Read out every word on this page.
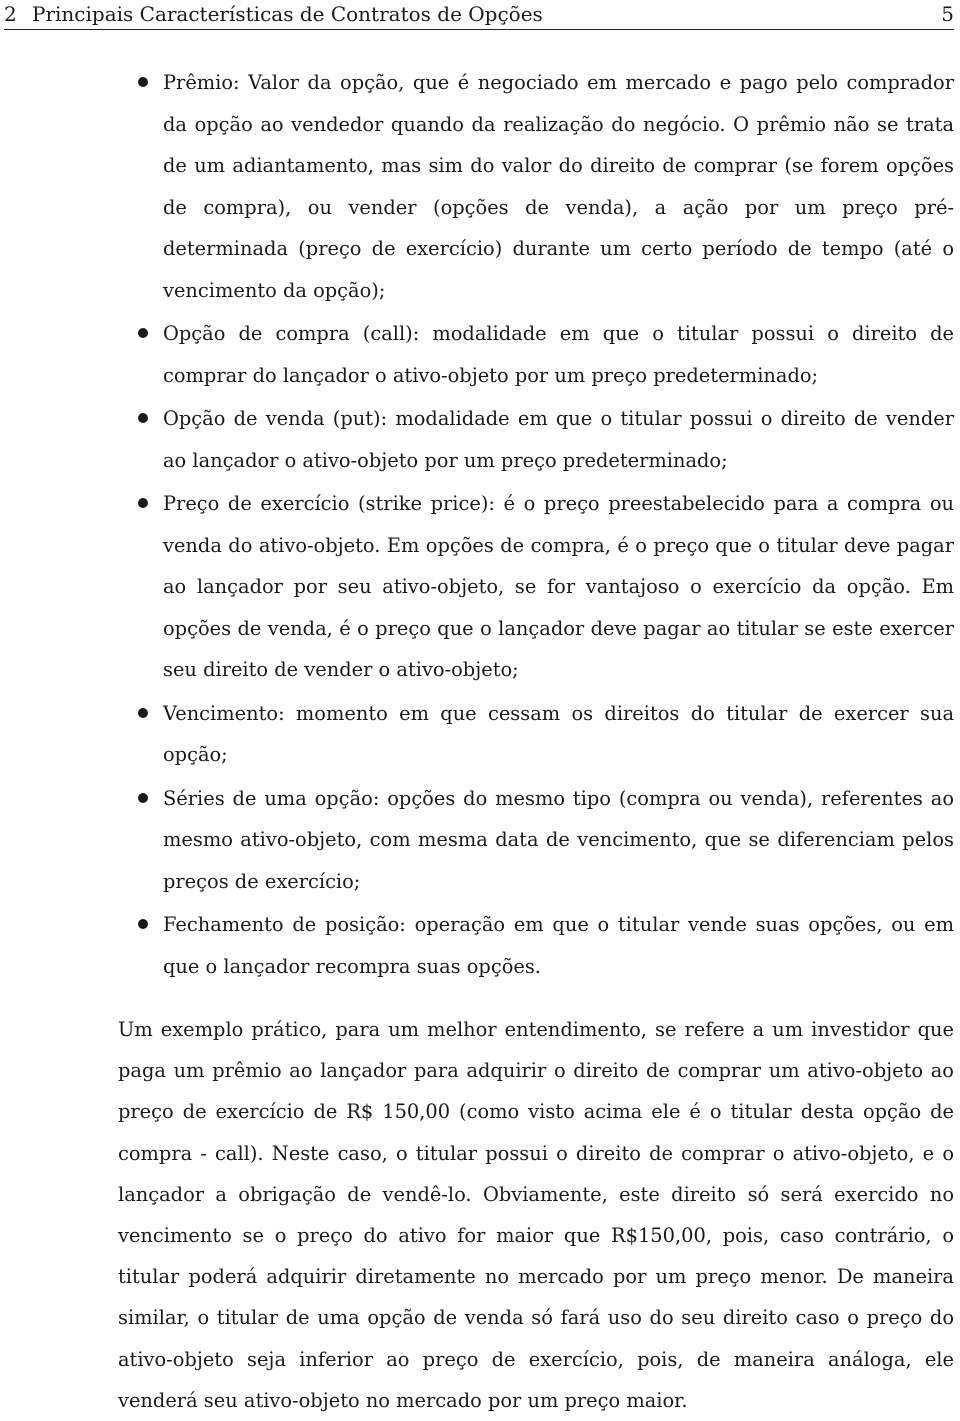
2 Principais Características de Contratos de Opções	5
Prêmio: Valor da opção, que é negociado em mercado e pago pelo comprador da opção ao vendedor quando da realização do negócio. O prêmio não se trata de um adiantamento, mas sim do valor do direito de comprar (se forem opções de compra), ou vender (opções de venda), a ação por um preço pré-determinada (preço de exercício) durante um certo período de tempo (até o vencimento da opção);
Opção de compra (call): modalidade em que o titular possui o direito de comprar do lançador o ativo-objeto por um preço predeterminado;
Opção de venda (put): modalidade em que o titular possui o direito de vender ao lançador o ativo-objeto por um preço predeterminado;
Preço de exercício (strike price): é o preço preestabelecido para a compra ou venda do ativo-objeto. Em opções de compra, é o preço que o titular deve pagar ao lançador por seu ativo-objeto, se for vantajoso o exercício da opção. Em opções de venda, é o preço que o lançador deve pagar ao titular se este exercer seu direito de vender o ativo-objeto;
Vencimento: momento em que cessam os direitos do titular de exercer sua opção;
Séries de uma opção: opções do mesmo tipo (compra ou venda), referentes ao mesmo ativo-objeto, com mesma data de vencimento, que se diferenciam pelos preços de exercício;
Fechamento de posição: operação em que o titular vende suas opções, ou em que o lançador recompra suas opções.

Um exemplo prático, para um melhor entendimento, se refere a um investidor que paga um prêmio ao lançador para adquirir o direito de comprar um ativo-objeto ao preço de exercício de R$ 150,00 (como visto acima ele é o titular desta opção de compra - call). Neste caso, o titular possui o direito de comprar o ativo-objeto, e o lançador a obrigação de vendê-lo. Obviamente, este direito só será exercido no vencimento se o preço do ativo for maior que R$150,00, pois, caso contrário, o titular poderá adquirir diretamente no mercado por um preço menor. De maneira similar, o titular de uma opção de venda só fará uso do seu direito caso o preço do ativo-objeto seja inferior ao preço de exercício, pois, de maneira análoga, ele venderá seu ativo-objeto no mercado por um preço maior.
